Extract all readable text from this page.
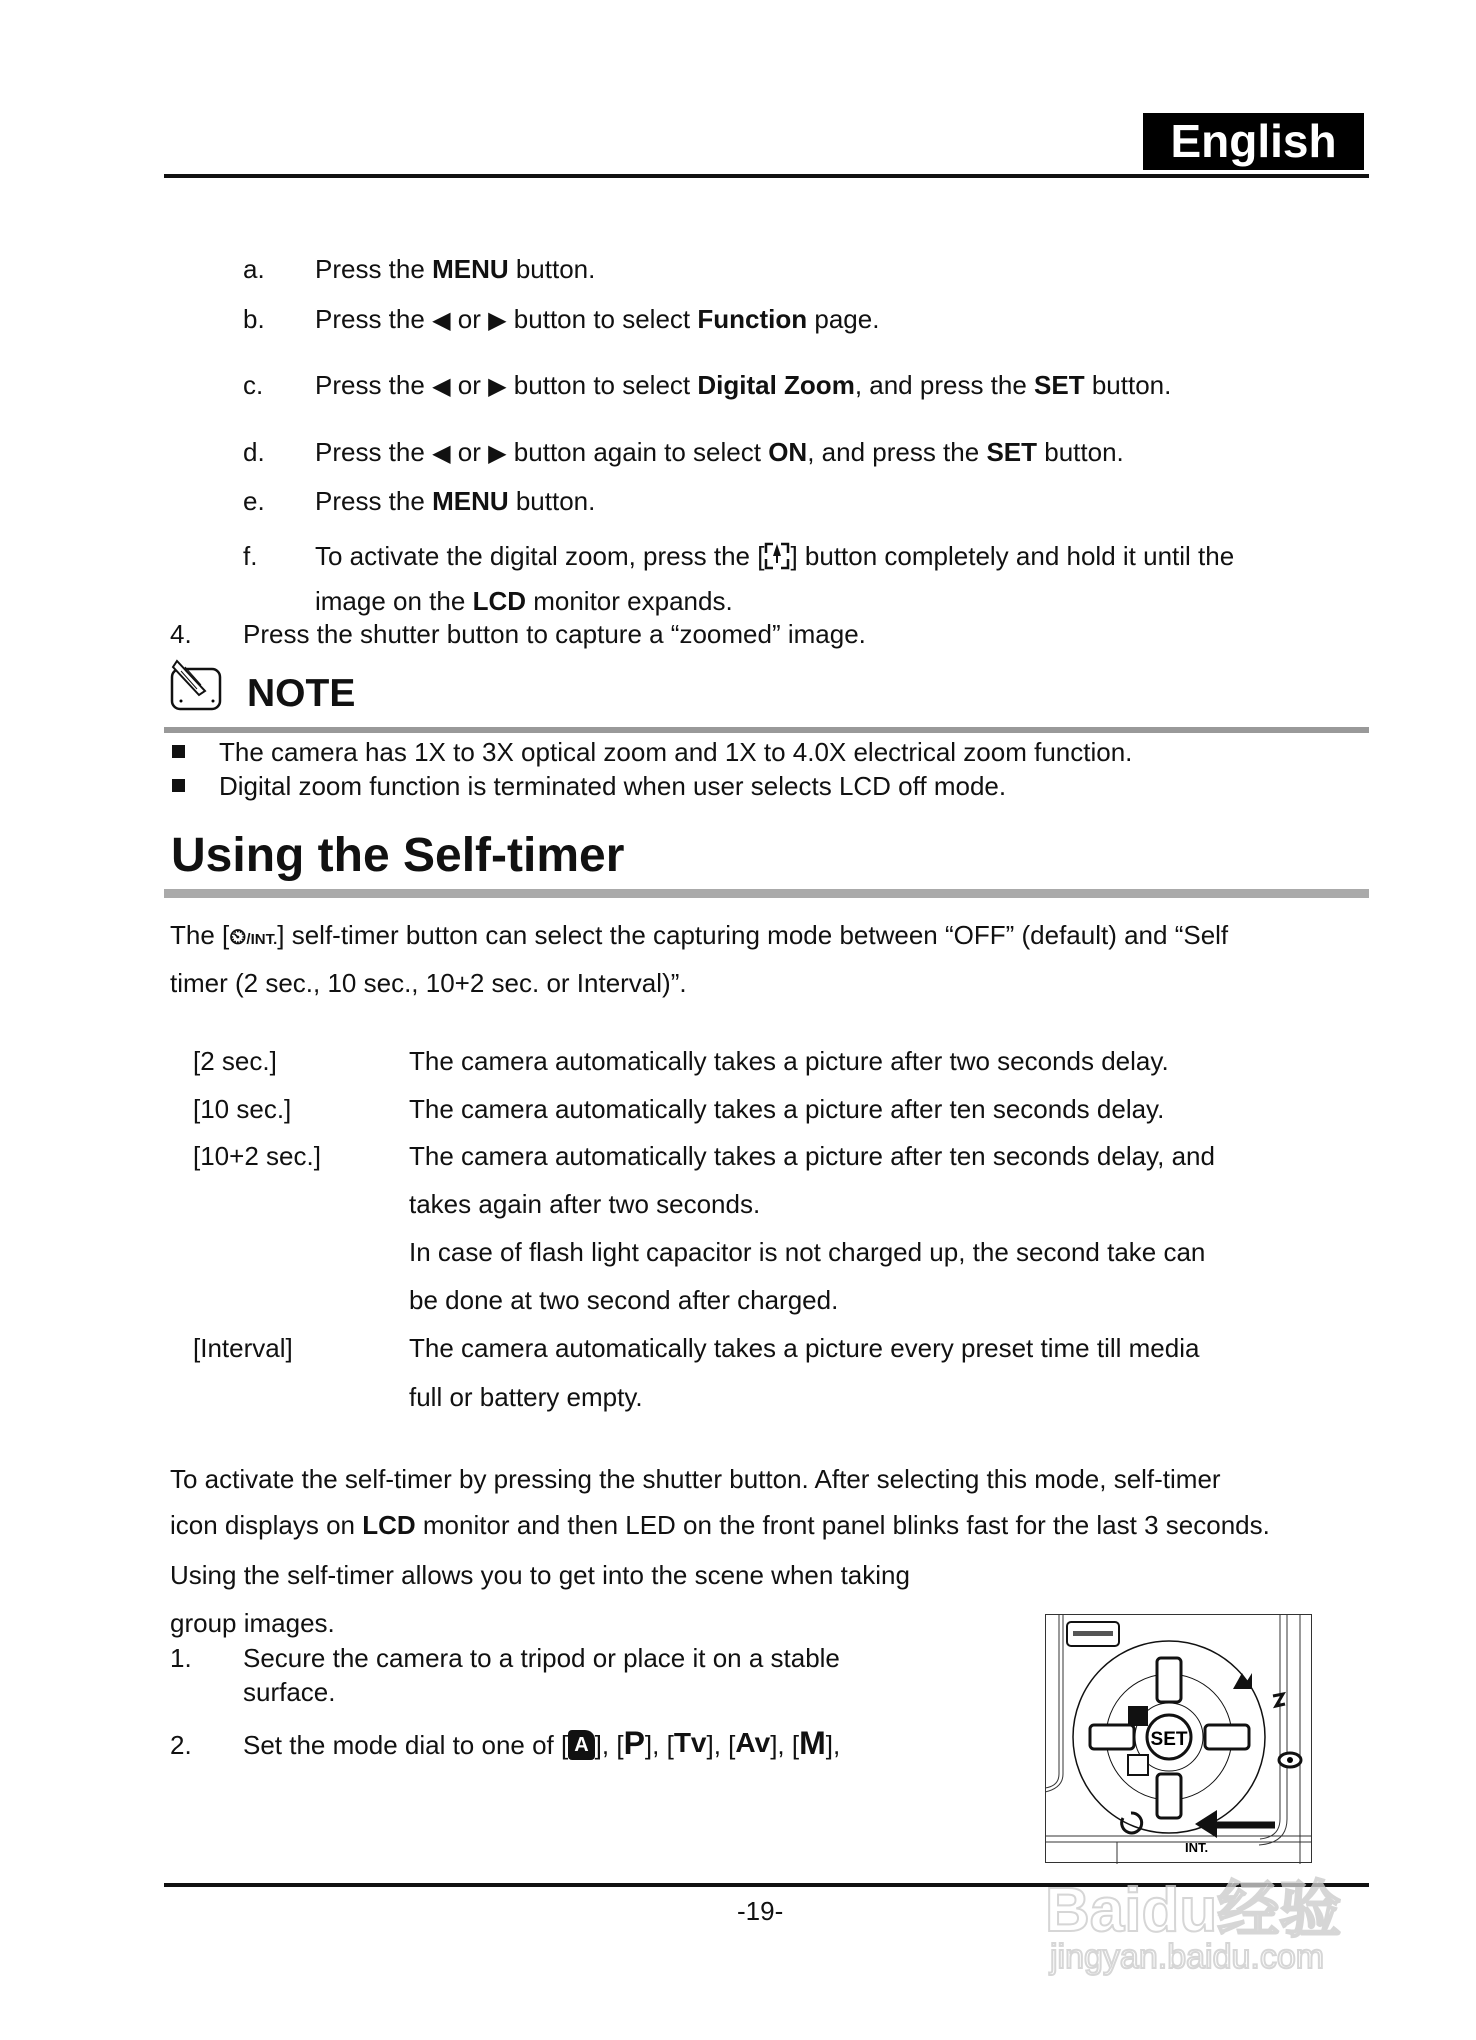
English
a. Press the MENU button.
b. Press the ◀ or ▶ button to select Function page.
c. Press the ◀ or ▶ button to select Digital Zoom, and press the SET button.
d. Press the ◀ or ▶ button again to select ON, and press the SET button.
e. Press the MENU button.
f. To activate the digital zoom, press the [ ] button completely and hold it until the
image on the LCD monitor expands.
4. Press the shutter button to capture a “zoomed” image.
NOTE
The camera has 1X to 3X optical zoom and 1X to 4.0X electrical zoom function.
Digital zoom function is terminated when user selects LCD off mode.
Using the Self-timer
The [⏲/INT.] self-timer button can select the capturing mode between “OFF” (default) and “Self
timer (2 sec., 10 sec., 10+2 sec. or Interval)”.
[2 sec.]	The camera automatically takes a picture after two seconds delay.
[10 sec.]	The camera automatically takes a picture after ten seconds delay.
[10+2 sec.]	The camera automatically takes a picture after ten seconds delay, and
takes again after two seconds.
In case of flash light capacitor is not charged up, the second take can
be done at two second after charged.
[Interval]	The camera automatically takes a picture every preset time till media
full or battery empty.
To activate the self-timer by pressing the shutter button. After selecting this mode, self-timer
icon displays on LCD monitor and then LED on the front panel blinks fast for the last 3 seconds.
Using the self-timer allows you to get into the scene when taking
group images.
1. Secure the camera to a tripod or place it on a stable
surface.
2. Set the mode dial to one of [ A ], [P], [Tv], [Av], [M],	SET
INT.
-19-	Baidu经验
jingyan.baidu.com
